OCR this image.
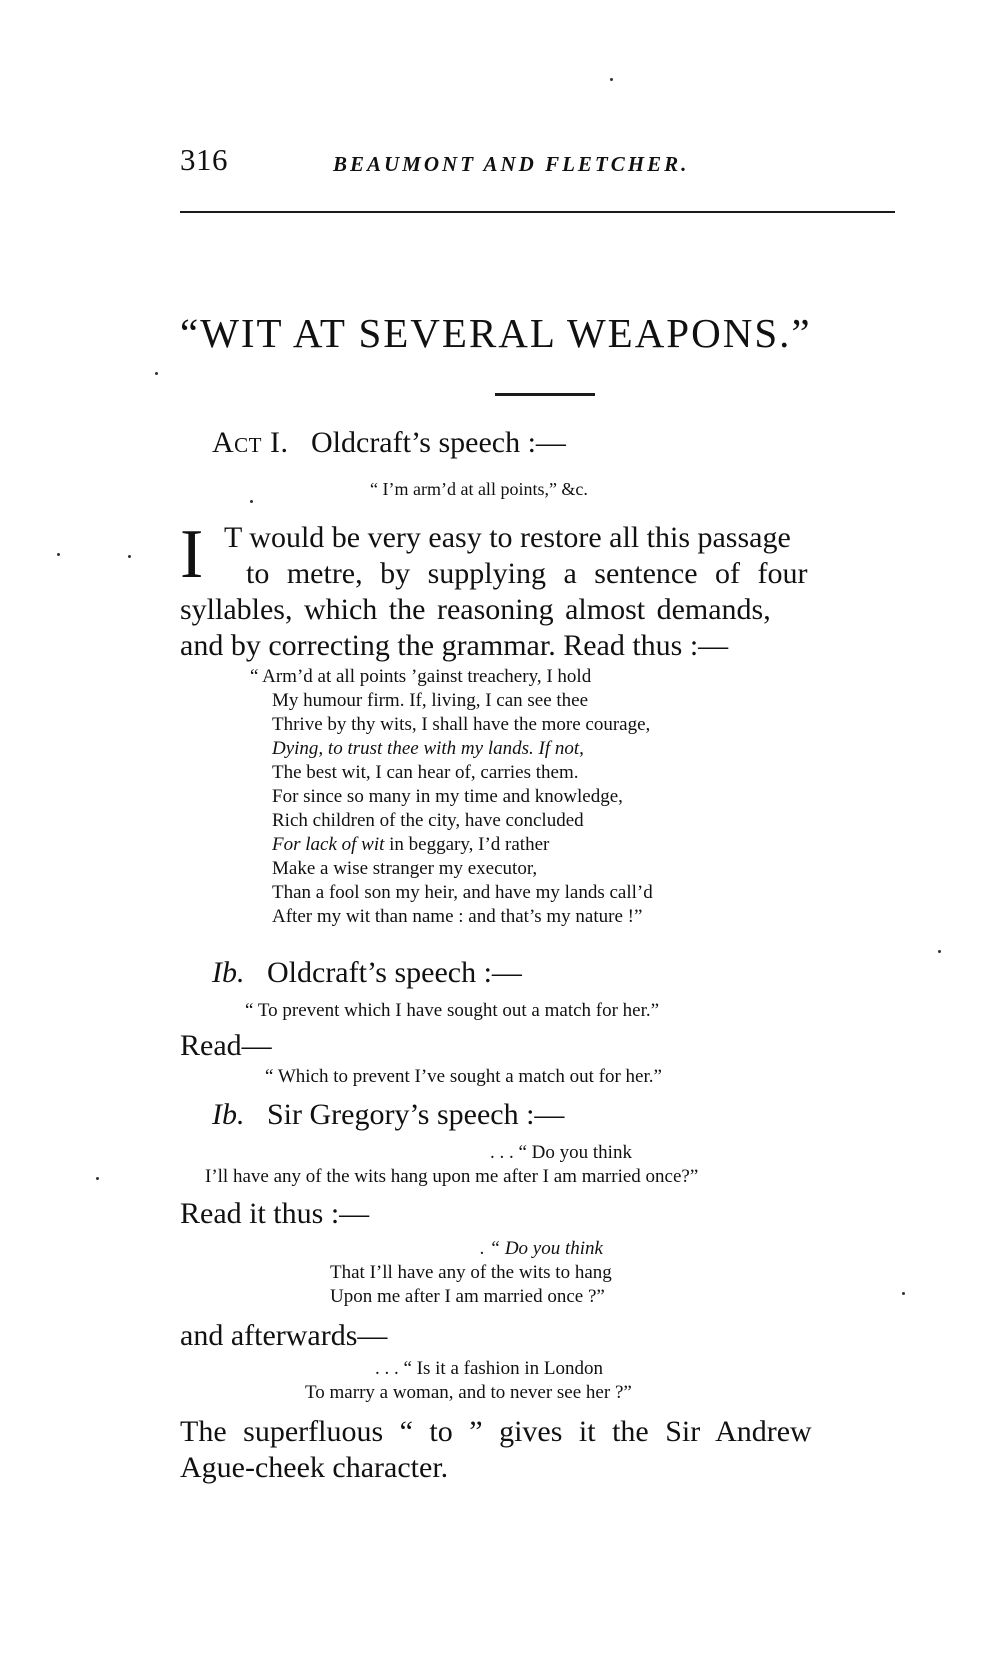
316	BEAUMONT AND FLETCHER.
“WIT AT SEVERAL WEAPONS.”
Act I. Oldcraft’s speech :—
“ I’m arm’d at all points,” &c.
I T would be very easy to restore all this passage
to metre, by supplying a sentence of four
syllables, which the reasoning almost demands,
and by correcting the grammar. Read thus :—
“ Arm’d at all points ’gainst treachery, I hold
My humour firm. If, living, I can see thee
Thrive by thy wits, I shall have the more courage,
Dying, to trust thee with my lands. If not,
The best wit, I can hear of, carries them.
For since so many in my time and knowledge,
Rich children of the city, have concluded
For lack of wit in beggary, I’d rather
Make a wise stranger my executor,
Than a fool son my heir, and have my lands call’d
After my wit than name : and that’s my nature !”
Ib. Oldcraft’s speech :—
“ To prevent which I have sought out a match for her.”
Read—
“ Which to prevent I’ve sought a match out for her.”
Ib. Sir Gregory’s speech :—
. . . “ Do you think
I’ll have any of the wits hang upon me after I am married once?”
Read it thus :—
. “ Do you think
That I’ll have any of the wits to hang
Upon me after I am married once ?”
and afterwards—
. . . “ Is it a fashion in London
To marry a woman, and to never see her ?”
The superfluous “ to ” gives it the Sir Andrew
Ague-cheek character.
